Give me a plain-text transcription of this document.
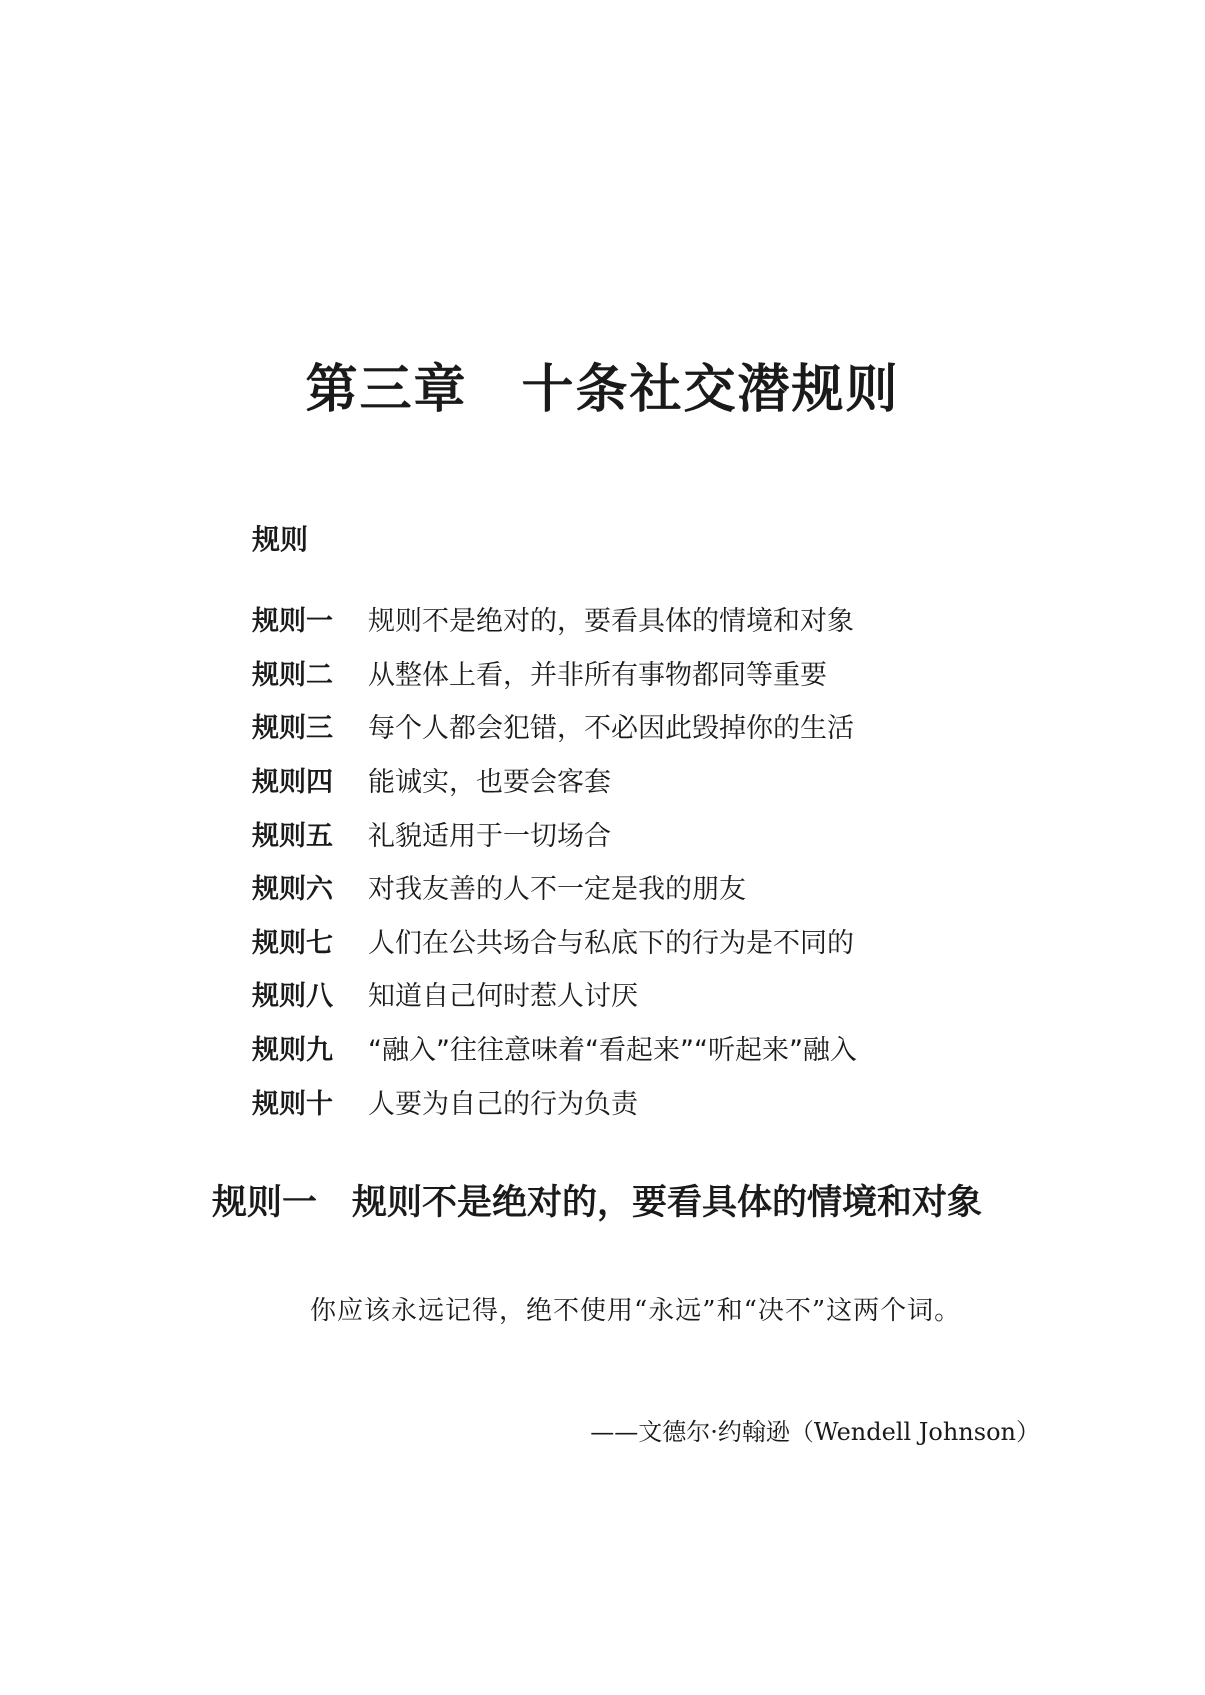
第三章　十条社交潜规则
规则
规则一	规则不是绝对的，要看具体的情境和对象
规则二	从整体上看，并非所有事物都同等重要
规则三	每个人都会犯错，不必因此毁掉你的生活
规则四	能诚实，也要会客套
规则五	礼貌适用于一切场合
规则六	对我友善的人不一定是我的朋友
规则七	人们在公共场合与私底下的行为是不同的
规则八	知道自己何时惹人讨厌
规则九	“融入”往往意味着“看起来”“听起来”融入
规则十	人要为自己的行为负责
规则一　规则不是绝对的，要看具体的情境和对象
你应该永远记得，绝不使用“永远”和“决不”这两个词。
——文德尔·约翰逊（Wendell Johnson）
